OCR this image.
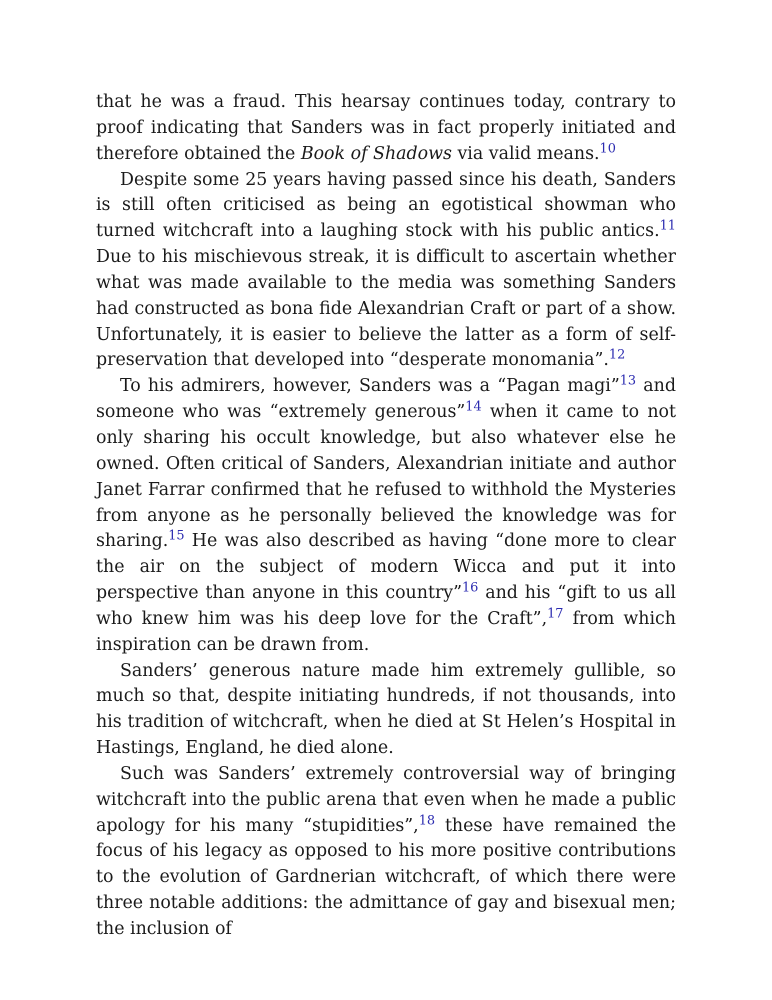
that he was a fraud. This hearsay continues today, contrary to proof indicating that Sanders was in fact properly initiated and therefore obtained the Book of Shadows via valid means.$^{10}$

Despite some 25 years having passed since his death, Sanders is still often criticised as being an egotistical showman who turned witchcraft into a laughing stock with his public antics.$^{11}$ Due to his mischievous streak, it is difficult to ascertain whether what was made available to the media was something Sanders had constructed as bona fide Alexandrian Craft or part of a show. Unfortunately, it is easier to believe the latter as a form of self-preservation that developed into “desperate monomania”.$^{12}$

To his admirers, however, Sanders was a “Pagan magi”$^{13}$ and someone who was “extremely generous”$^{14}$ when it came to not only sharing his occult knowledge, but also whatever else he owned. Often critical of Sanders, Alexandrian initiate and author Janet Farrar confirmed that he refused to withhold the Mysteries from anyone as he personally believed the knowledge was for sharing.$^{15}$ He was also described as having “done more to clear the air on the subject of modern Wicca and put it into perspective than anyone in this country”$^{16}$ and his “gift to us all who knew him was his deep love for the Craft”,$^{17}$ from which inspiration can be drawn from.

Sanders’ generous nature made him extremely gullible, so much so that, despite initiating hundreds, if not thousands, into his tradition of witchcraft, when he died at St Helen’s Hospital in Hastings, England, he died alone.

Such was Sanders’ extremely controversial way of bringing witchcraft into the public arena that even when he made a public apology for his many “stupidities”,$^{18}$ these have remained the focus of his legacy as opposed to his more positive contributions to the evolution of Gardnerian witchcraft, of which there were three notable additions: the admittance of gay and bisexual men; the inclusion of
